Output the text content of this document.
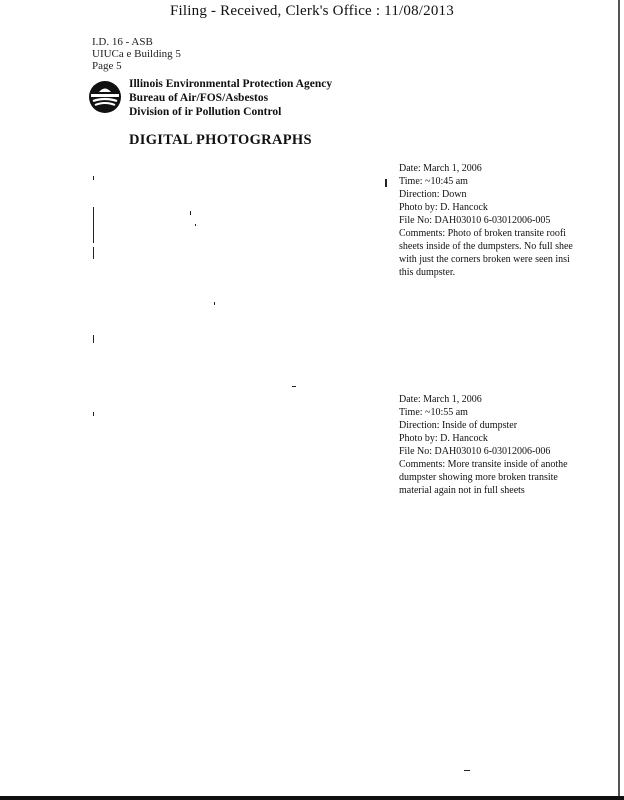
Filing - Received, Clerk's Office : 11/08/2013
I.D. 16 - ASB
UIUCa e Building 5
Page 5
Illinois Environmental Protection Agency
Bureau of Air/FOS/Asbestos
Division of ir Pollution Control
DIGITAL PHOTOGRAPHS
Date: March 1, 2006
Time: ~10:45 am
Direction: Down
Photo by: D. Hancock
File No: DAH03010 6-03012006-005
Comments: Photo of broken transite roofi
sheets inside of the dumpsters. No full shee
with just the corners broken were seen insi
this dumpster.
Date: March 1, 2006
Time: ~10:55 am
Direction: Inside of dumpster
Photo by: D. Hancock
File No: DAH03010 6-03012006-006
Comments: More transite inside of anothe
dumpster showing more broken transite
material again not in full sheets
